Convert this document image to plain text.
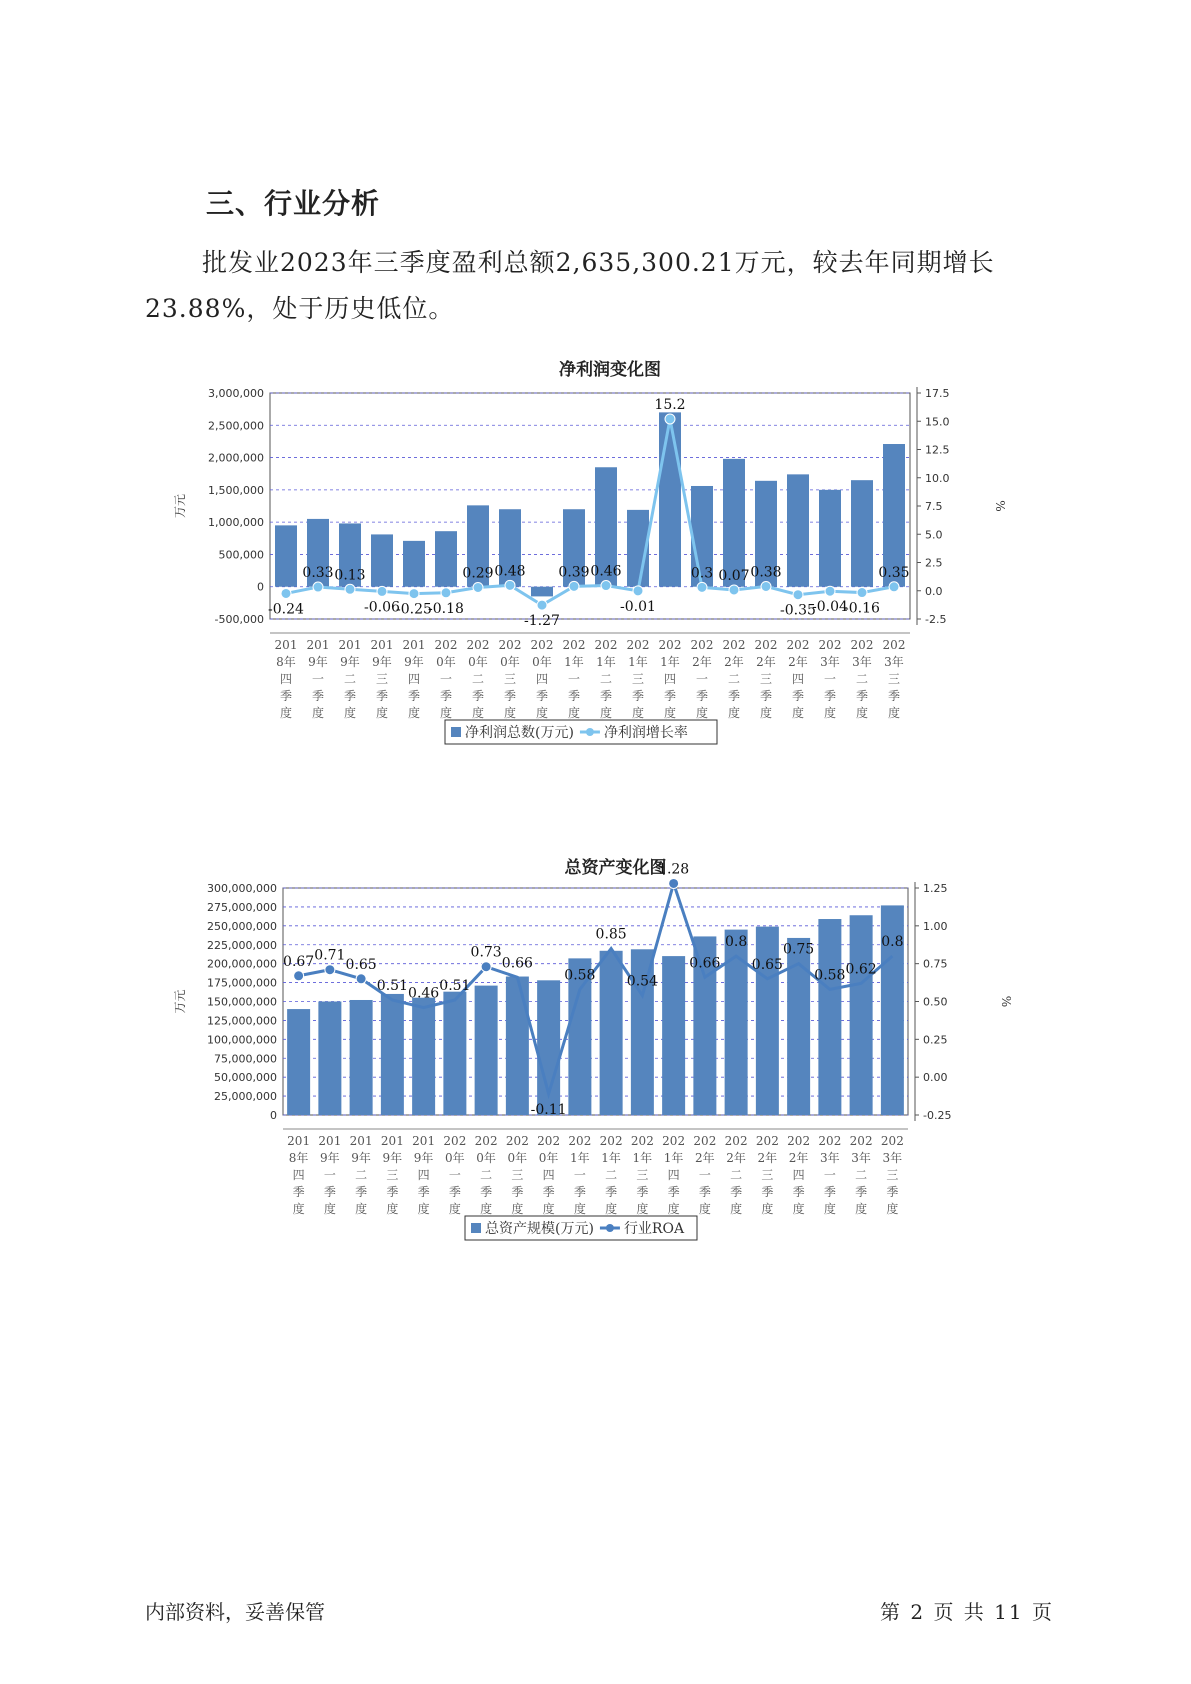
三、行业分析
批发业2023年三季度盈利总额2,635,300.21万元，较去年同期增长23.88%，处于历史低位。
净利润变化图
-500,000
0
500,000
1,000,000
1,500,000
2,000,000
2,500,000
3,000,000
-2.5
0.0
2.5
5.0
7.5
10.0
12.5
15.0
17.5
万元	%
-0.24
0.33 0.13
-0.06
-0.25
-0.18
0.29 0.48
-1.27
0.39 0.46
-0.01
15.2
0.3 0.07 0.38
-0.35
-0.04
-0.16
0.35
201
8年
四
季
度
201
9年
一
季
度
201
9年
二
季
度
201
9年
三
季
度
201
9年
四
季
度
202
0年
一
季
度
202
0年
二
季
度
202
0年
三
季
度
202
0年
四
季
度
202
1年
一
季
度
202
1年
二
季
度
202
1年
三
季
度
202
1年
四
季
度
202
2年
一
季
度
202
2年
二
季
度
202
2年
三
季
度
202
2年
四
季
度
202
3年
一
季
度
202
3年
二
季
度
202
3年
三
季
度
净利润总数(万元) 净利润增长率
总资产变化图
0
25,000,000
50,000,000
75,000,000
100,000,000
125,000,000
150,000,000
175,000,000
200,000,000
225,000,000
250,000,000
275,000,000
300,000,000
-0.25
0.00
0.25
0.50
0.75
1.00
1.25
万元	%
0.67 0.71
0.65
0.51 0.46 0.51
0.73
0.66
-0.11
0.58
0.85
0.54
1.28
0.66
0.8
0.65
0.75
0.58 0.62
0.8
201
8年
四
季
度
201
9年
一
季
度
201
9年
二
季
度
201
9年
三
季
度
201
9年
四
季
度
202
0年
一
季
度
202
0年
二
季
度
202
0年
三
季
度
202
0年
四
季
度
202
1年
一
季
度
202
1年
二
季
度
202
1年
三
季
度
202
1年
四
季
度
202
2年
一
季
度
202
2年
二
季
度
202
2年
三
季
度
202
2年
四
季
度
202
3年
一
季
度
202
3年
二
季
度
202
3年
三
季
度
总资产规模(万元) 行业ROA
内部资料，妥善保管	第 2 页 共 11 页
